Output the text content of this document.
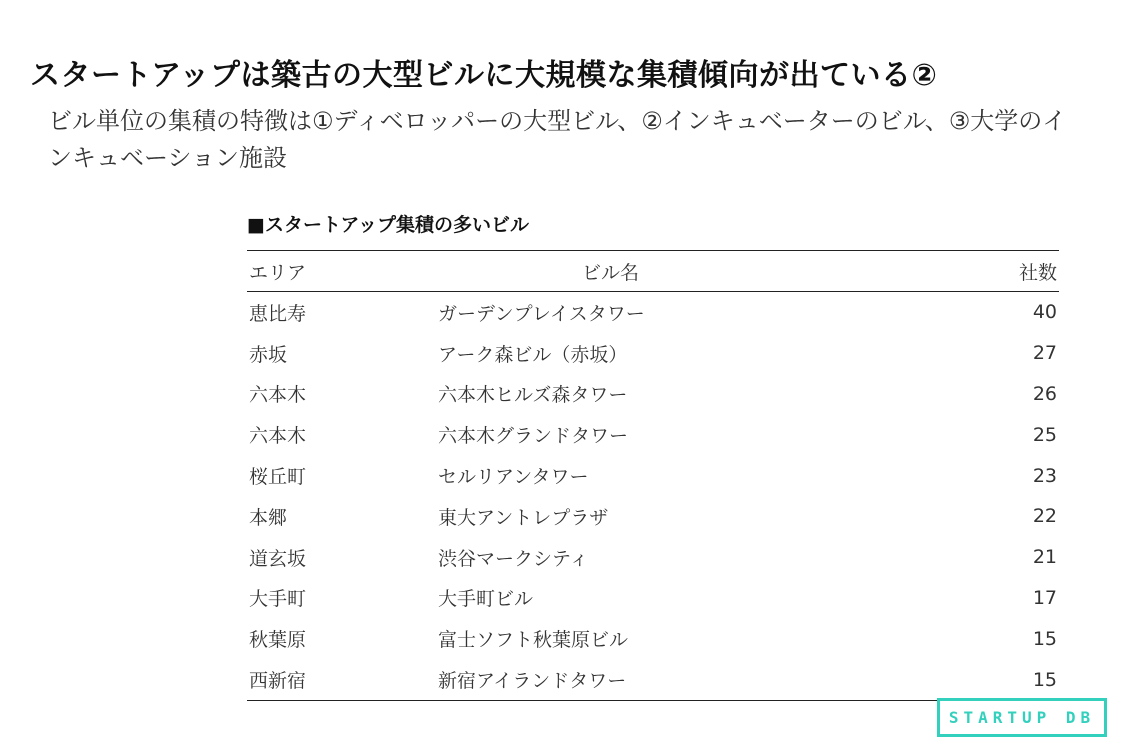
スタートアップは築古の大型ビルに大規模な集積傾向が出ている②
ビル単位の集積の特徴は①ディベロッパーの大型ビル、②インキュベーターのビル、③大学のインキュベーション施設
■スタートアップ集積の多いビル
エリア	ビル名	社数
恵比寿	ガーデンプレイスタワー	40
赤坂	アーク森ビル（赤坂）	27
六本木	六本木ヒルズ森タワー	26
六本木	六本木グランドタワー	25
桜丘町	セルリアンタワー	23
本郷	東大アントレプラザ	22
道玄坂	渋谷マークシティ	21
大手町	大手町ビル	17
秋葉原	富士ソフト秋葉原ビル	15
西新宿	新宿アイランドタワー	15
STARTUP DB
